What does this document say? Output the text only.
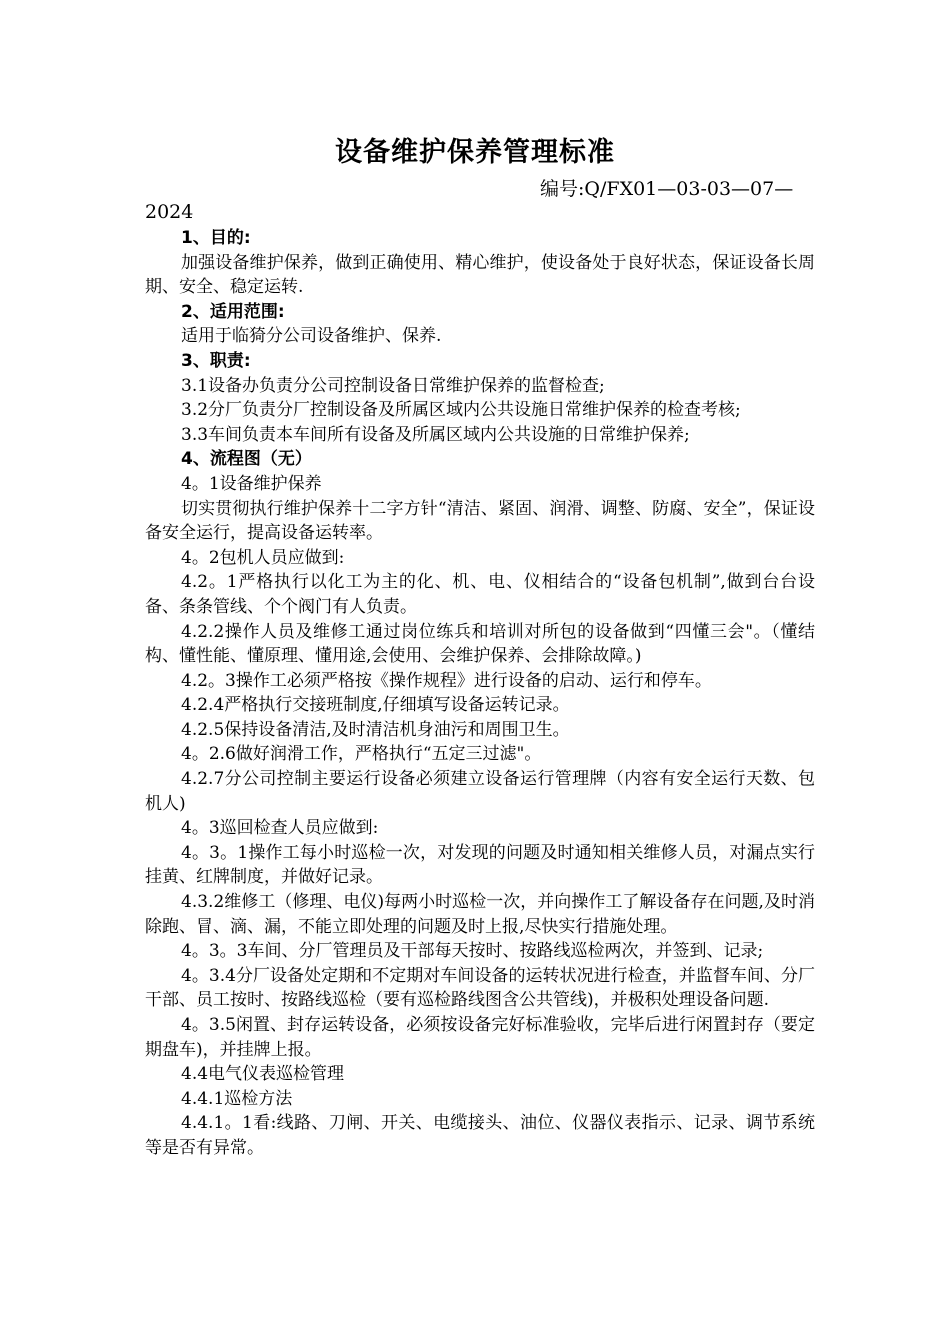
设备维护保养管理标准
编号:Q/FX01—03-03—07—
2024

1、目的:

加强设备维护保养，做到正确使用、精心维护，使设备处于良好状态，保证设备长周期、安全、稳定运转.

2、适用范围:

适用于临猗分公司设备维护、保养.

3、职责:

3.1设备办负责分公司控制设备日常维护保养的监督检查;

3.2分厂负责分厂控制设备及所属区域内公共设施日常维护保养的检查考核;

3.3车间负责本车间所有设备及所属区域内公共设施的日常维护保养;

4、流程图（无）

4。1设备维护保养

切实贯彻执行维护保养十二字方针“清洁、紧固、润滑、调整、防腐、安全”，保证设备安全运行，提高设备运转率。

4。2包机人员应做到:

4.2。1严格执行以化工为主的化、机、电、仪相结合的“设备包机制”,做到台台设备、条条管线、个个阀门有人负责。

4.2.2操作人员及维修工通过岗位练兵和培训对所包的设备做到“四懂三会"。（懂结构、懂性能、懂原理、懂用途,会使用、会维护保养、会排除故障。)

4.2。3操作工必须严格按《操作规程》进行设备的启动、运行和停车。

4.2.4严格执行交接班制度,仔细填写设备运转记录。

4.2.5保持设备清洁,及时清洁机身油污和周围卫生。

4。2.6做好润滑工作，严格执行“五定三过滤"。

4.2.7分公司控制主要运行设备必须建立设备运行管理牌（内容有安全运行天数、包机人)

4。3巡回检查人员应做到:

4。3。1操作工每小时巡检一次，对发现的问题及时通知相关维修人员，对漏点实行挂黄、红牌制度，并做好记录。

4.3.2维修工（修理、电仪)每两小时巡检一次，并向操作工了解设备存在问题,及时消除跑、冒、滴、漏，不能立即处理的问题及时上报,尽快实行措施处理。

4。3。3车间、分厂管理员及干部每天按时、按路线巡检两次，并签到、记录;

4。3.4分厂设备处定期和不定期对车间设备的运转状况进行检查，并监督车间、分厂干部、员工按时、按路线巡检（要有巡检路线图含公共管线)，并极积处理设备问题.

4。3.5闲置、封存运转设备，必须按设备完好标准验收，完毕后进行闲置封存（要定期盘车)，并挂牌上报。

4.4电气仪表巡检管理

4.4.1巡检方法

4.4.1。1看:线路、刀闸、开关、电缆接头、油位、仪器仪表指示、记录、调节系统等是否有异常。
